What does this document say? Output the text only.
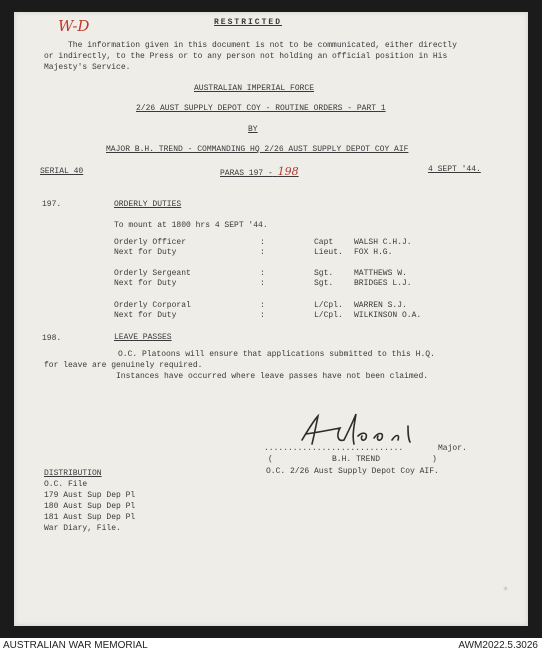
W-D	RESTRICTED
The information given in this document is not to be communicated, either directly
or indirectly, to the Press or to any person not holding an official position in His
Majesty's Service.
AUSTRALIAN IMPERIAL FORCE
2/26 AUST SUPPLY DEPOT COY - ROUTINE ORDERS - PART 1
BY
MAJOR B.H. TREND - COMMANDING HQ 2/26 AUST SUPPLY DEPOT COY AIF
SERIAL 40	PARAS 197 - 198	4 SEPT '44.
197.	ORDERLY DUTIES
To mount at 1800 hrs 4 SEPT '44.
Orderly Officer	:	Capt	WALSH C.H.J.
Next for Duty	:	Lieut. FOX H.G.
Orderly Sergeant	:	Sgt.	MATTHEWS W.
Next for Duty	:	Sgt.	BRIDGES L.J.
Orderly Corporal	:	L/Cpl. WARREN S.J.
Next for Duty	:	L/Cpl. WILKINSON O.A.
198.	LEAVE PASSES
O.C. Platoons will ensure that applications submitted to this H.Q.
for leave are genuinely required.
Instances have occurred where leave passes have not been claimed.
.............................	Major.
(	B.H. TREND	)
O.C. 2/26 Aust Supply Depot Coy AIF.
DISTRIBUTION
O.C. File
179 Aust Sup Dep Pl
180 Aust Sup Dep Pl
181 Aust Sup Dep Pl
War Diary, File.
✳
AUSTRALIAN WAR MEMORIAL	AWM2022.5.3026
